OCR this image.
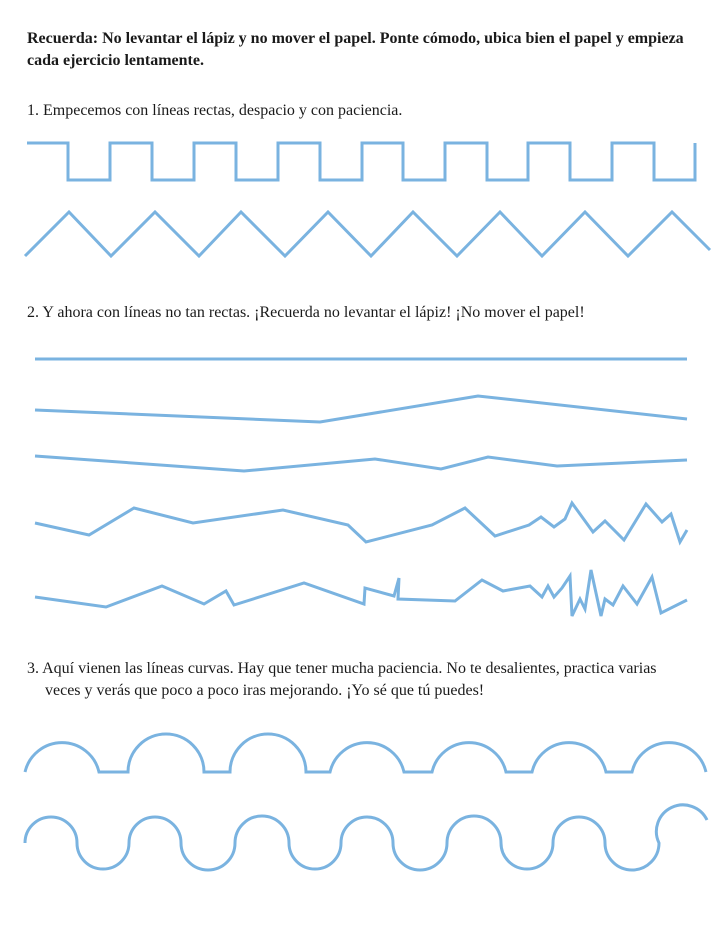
Recuerda: No levantar el lápiz y no mover el papel. Ponte cómodo, ubica bien el papel y empieza cada ejercicio lentamente.

1. Empecemos con líneas rectas, despacio y con paciencia.

2. Y ahora con líneas no tan rectas. ¡Recuerda no levantar el lápiz! ¡No mover el papel!

3. Aquí vienen las líneas curvas. Hay que tener mucha paciencia. No te desalientes, practica varias veces y verás que poco a poco iras mejorando. ¡Yo sé que tú puedes!
